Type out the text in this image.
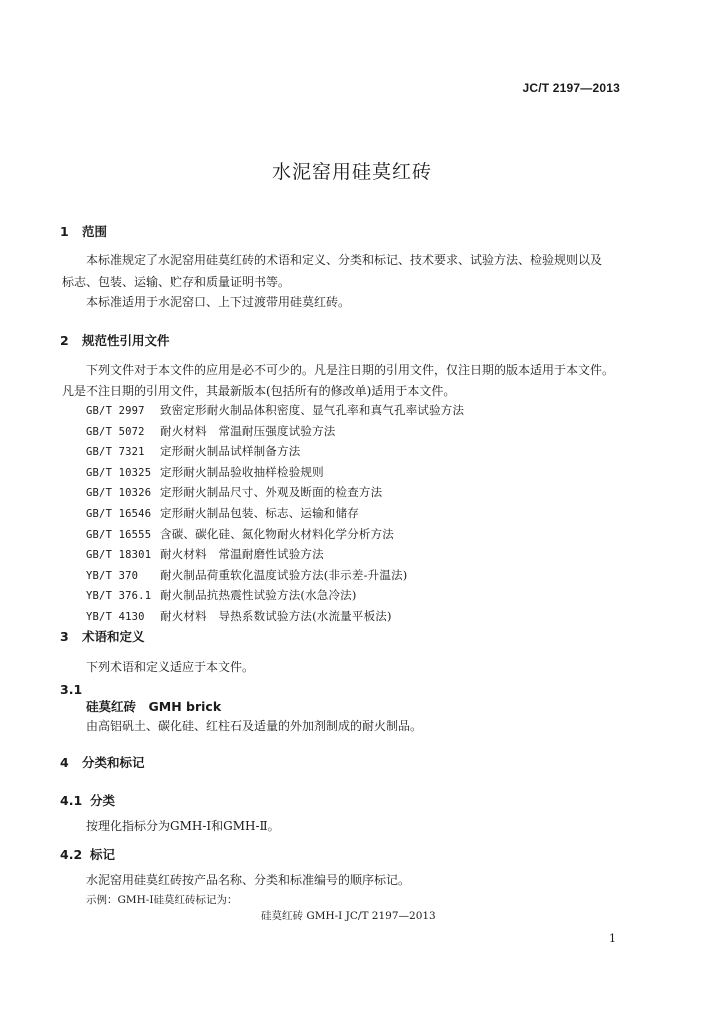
JC/T 2197—2013
水泥窑用硅莫红砖
1 范围
本标准规定了水泥窑用硅莫红砖的术语和定义、分类和标记、技术要求、试验方法、检验规则以及
标志、包装、运输、贮存和质量证明书等。
本标准适用于水泥窑口、上下过渡带用硅莫红砖。
2 规范性引用文件
下列文件对于本文件的应用是必不可少的。凡是注日期的引用文件，仅注日期的版本适用于本文件。
凡是不注日期的引用文件，其最新版本(包括所有的修改单)适用于本文件。
GB/T 2997 致密定形耐火制品体积密度、显气孔率和真气孔率试验方法
GB/T 5072 耐火材料　常温耐压强度试验方法
GB/T 7321 定形耐火制品试样制备方法
GB/T 10325 定形耐火制品验收抽样检验规则
GB/T 10326 定形耐火制品尺寸、外观及断面的检查方法
GB/T 16546 定形耐火制品包装、标志、运输和储存
GB/T 16555 含碳、碳化硅、氮化物耐火材料化学分析方法
GB/T 18301 耐火材料　常温耐磨性试验方法
YB/T 370 耐火制品荷重软化温度试验方法(非示差-升温法)
YB/T 376.1 耐火制品抗热震性试验方法(水急冷法)
YB/T 4130 耐火材料　导热系数试验方法(水流量平板法)
3 术语和定义
下列术语和定义适应于本文件。
3.1
硅莫红砖　GMH brick
由高铝矾土、碳化硅、红柱石及适量的外加剂制成的耐火制品。
4 分类和标记
4.1 分类
按理化指标分为GMH-Ⅰ和GMH-Ⅱ。
4.2 标记
水泥窑用硅莫红砖按产品名称、分类和标准编号的顺序标记。
示例：GMH-Ⅰ硅莫红砖标记为：
硅莫红砖 GMH-Ⅰ JC/T 2197—2013
1
